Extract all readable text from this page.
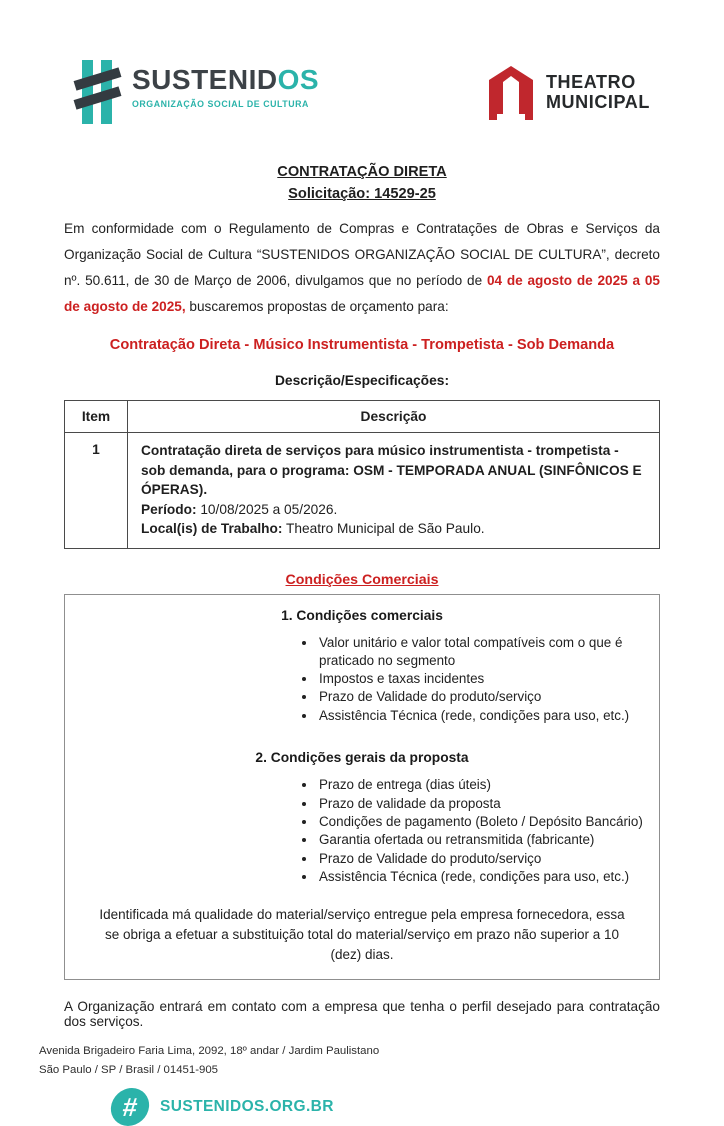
SUSTENIDOS
ORGANIZAÇÃO SOCIAL DE CULTURA
THEATRO
MUNICIPAL
CONTRATAÇÃO DIRETA
Solicitação: 14529-25

Em conformidade com o Regulamento de Compras e Contratações de Obras e Serviços da Organização Social de Cultura “SUSTENIDOS ORGANIZAÇÃO SOCIAL DE CULTURA”, decreto nº. 50.611, de 30 de Março de 2006, divulgamos que no período de 04 de agosto de 2025 a 05 de agosto de 2025, buscaremos propostas de orçamento para:

Contratação Direta - Músico Instrumentista - Trompetista - Sob Demanda
Descrição/Especificações:
Item	Descrição
1	Contratação direta de serviços para músico instrumentista - trompetista - sob demanda, para o programa: OSM - TEMPORADA ANUAL (SINFÔNICOS E ÓPERAS).
Período: 10/08/2025 a 05/2026.
Local(is) de Trabalho: Theatro Municipal de São Paulo.
Condições Comerciais
1. Condições comerciais
• Valor unitário e valor total compatíveis com o que é praticado no segmento
• Impostos e taxas incidentes
• Prazo de Validade do produto/serviço
• Assistência Técnica (rede, condições para uso, etc.)
2. Condições gerais da proposta
• Prazo de entrega (dias úteis)
• Prazo de validade da proposta
• Condições de pagamento (Boleto / Depósito Bancário)
• Garantia ofertada ou retransmitida (fabricante)
• Prazo de Validade do produto/serviço
• Assistência Técnica (rede, condições para uso, etc.)
Identificada má qualidade do material/serviço entregue pela empresa fornecedora, essa se obriga a efetuar a substituição total do material/serviço em prazo não superior a 10 (dez) dias.

A Organização entrará em contato com a empresa que tenha o perfil desejado para contratação dos serviços.

Avenida Brigadeiro Faria Lima, 2092, 18º andar / Jardim Paulistano
São Paulo / SP / Brasil / 01451-905
#	SUSTENIDOS.ORG.BR
